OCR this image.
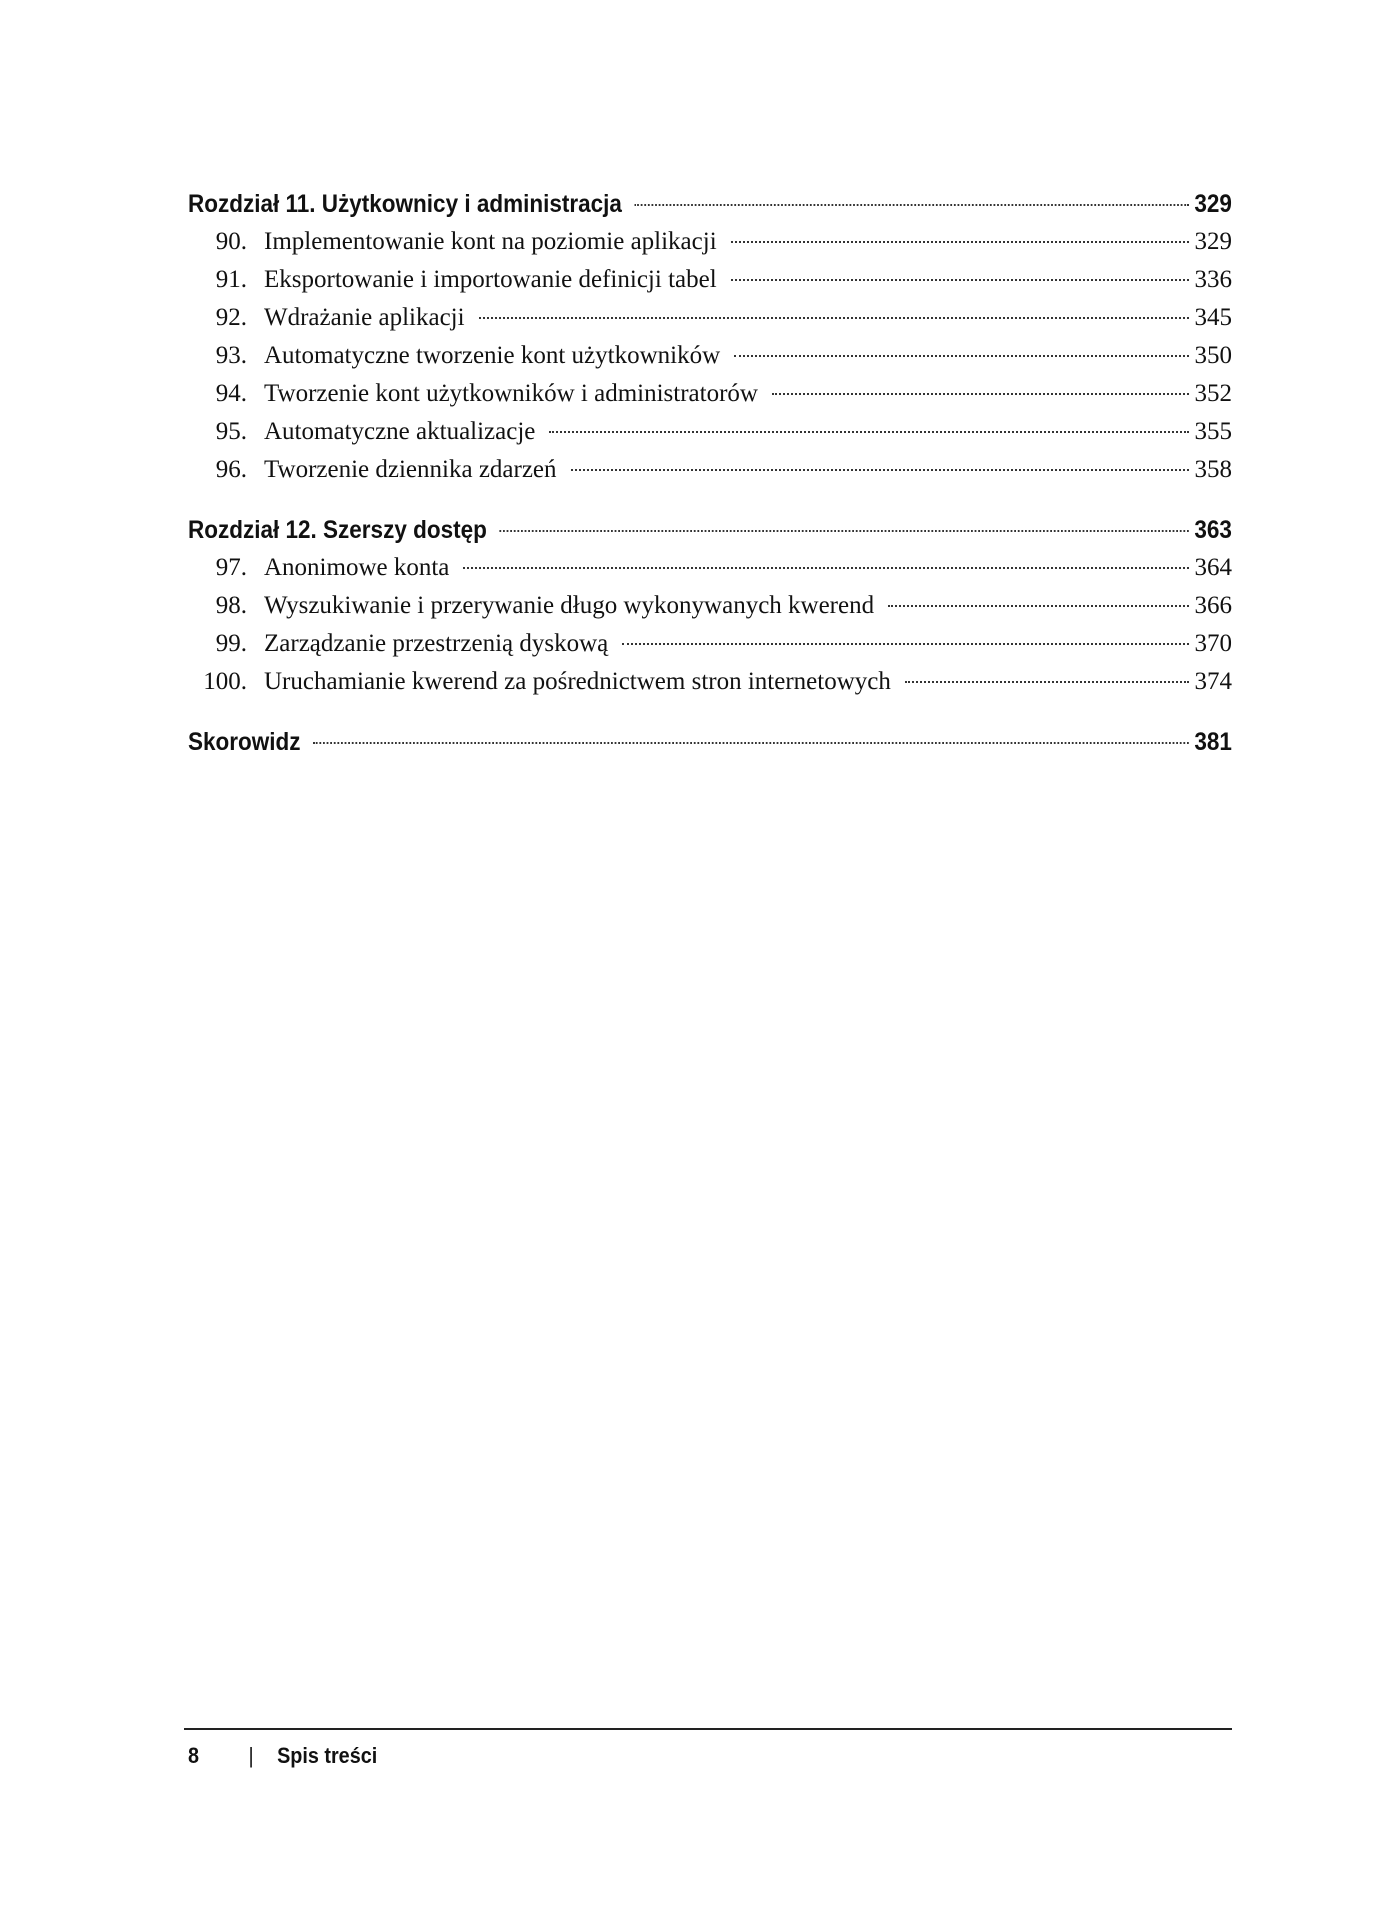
Rozdział 11. Użytkownicy i administracja	329
90. Implementowanie kont na poziomie aplikacji	329
91. Eksportowanie i importowanie definicji tabel	336
92. Wdrażanie aplikacji	345
93. Automatyczne tworzenie kont użytkowników	350
94. Tworzenie kont użytkowników i administratorów	352
95. Automatyczne aktualizacje	355
96. Tworzenie dziennika zdarzeń	358
Rozdział 12. Szerszy dostęp	363
97. Anonimowe konta	364
98. Wyszukiwanie i przerywanie długo wykonywanych kwerend	366
99. Zarządzanie przestrzenią dyskową	370
100. Uruchamianie kwerend za pośrednictwem stron internetowych	374
Skorowidz	381
8 | Spis treści
